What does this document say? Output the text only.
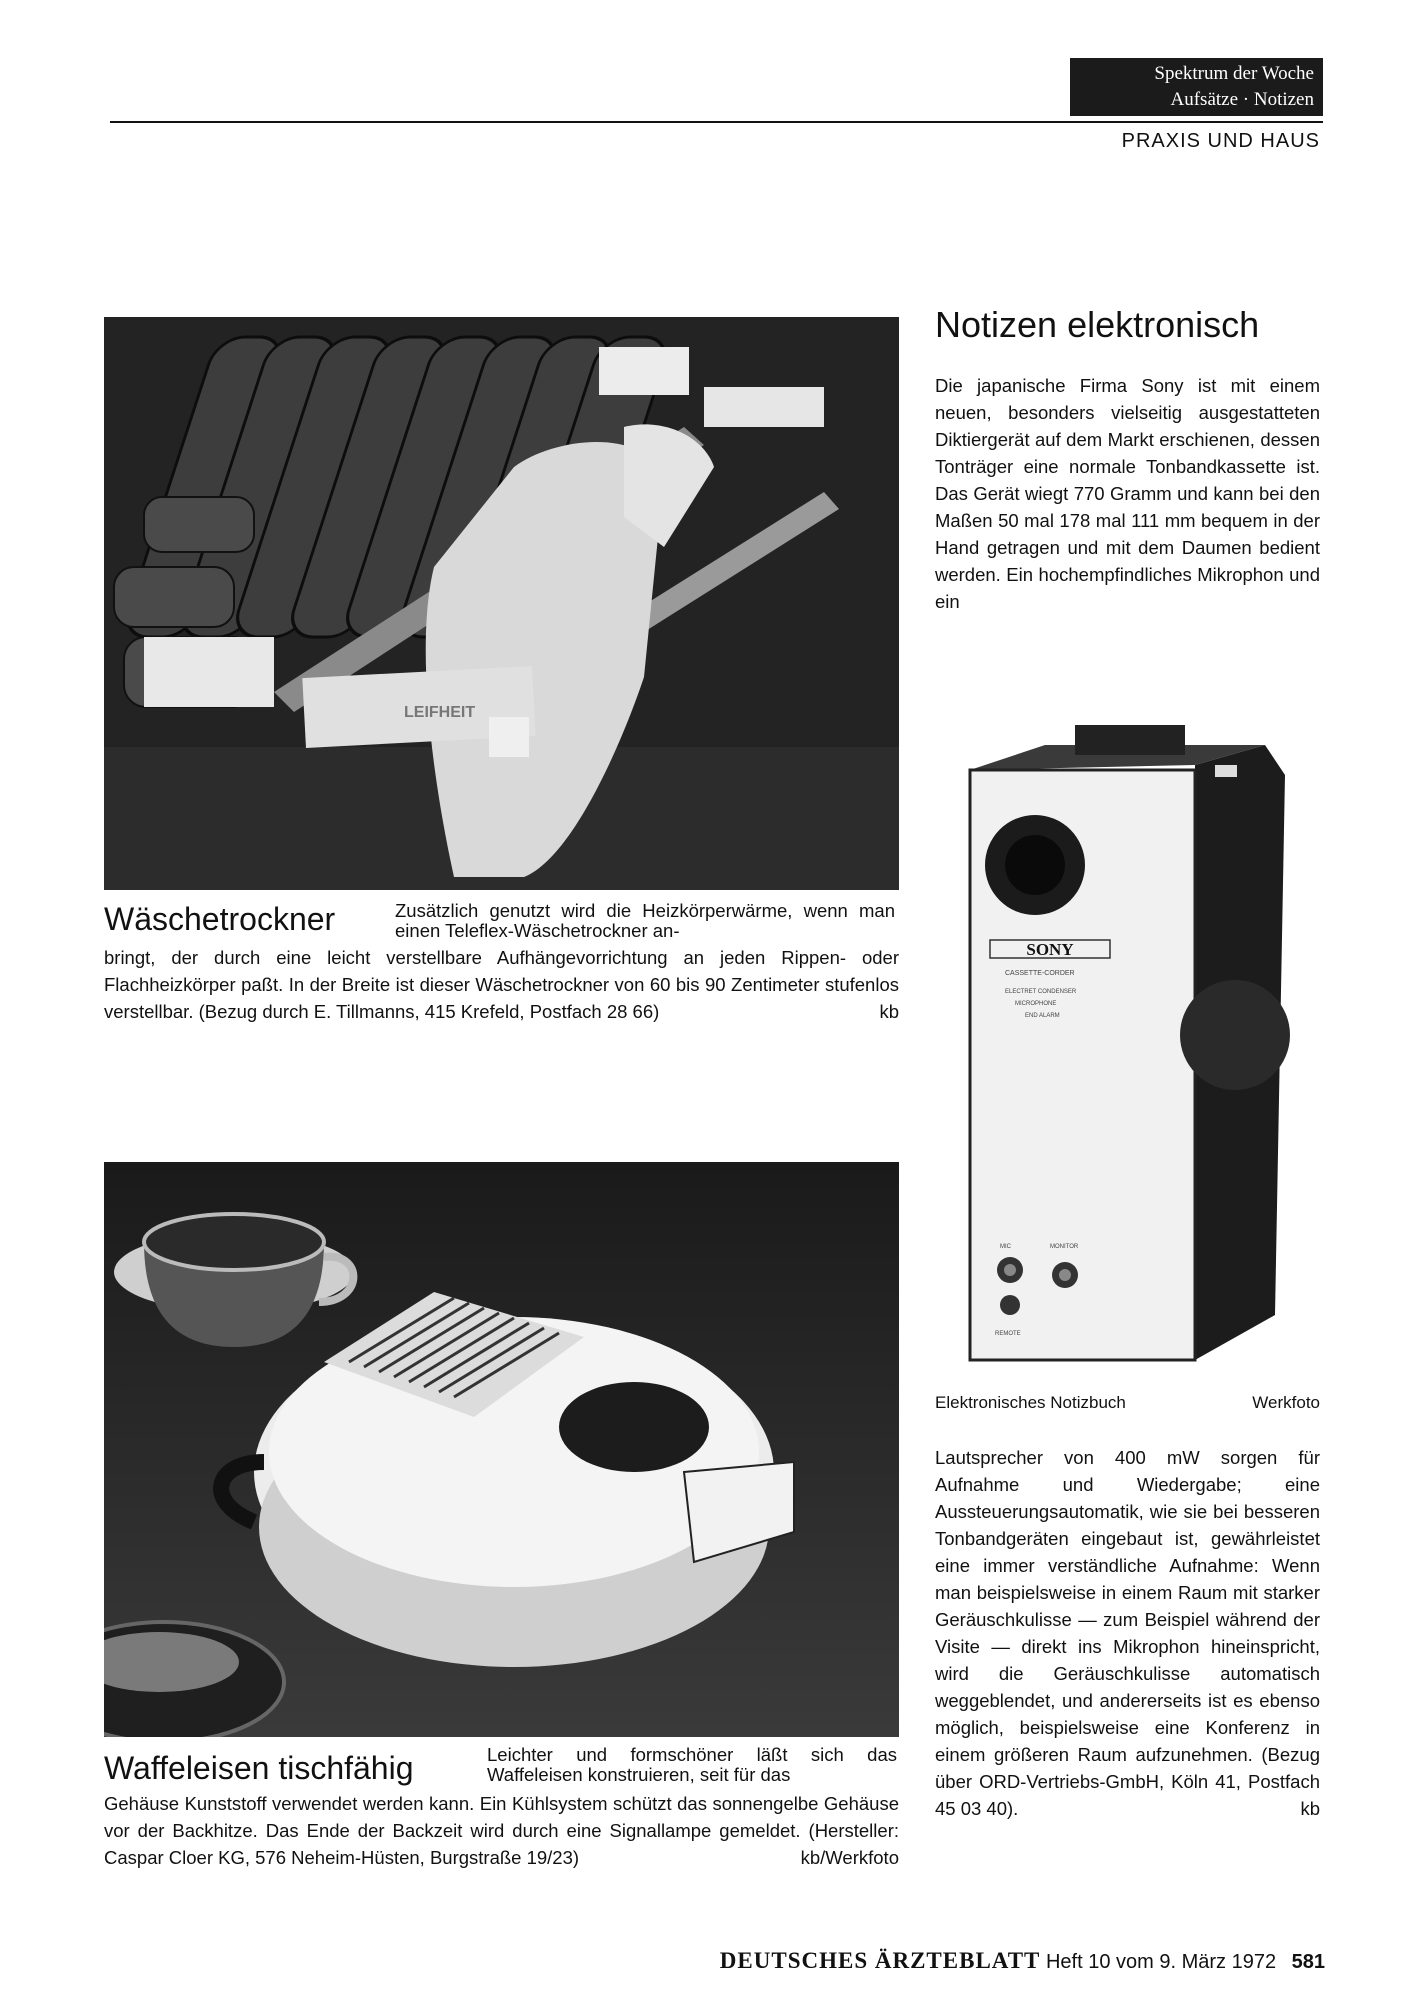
Spektrum der Woche
Aufsätze · Notizen
PRAXIS UND HAUS
LEIFHEIT
Notizen elektronisch
Die japanische Firma Sony ist mit einem neuen, besonders vielseitig ausgestatteten Diktiergerät auf dem Markt erschienen, dessen Tonträger eine normale Tonbandkassette ist. Das Gerät wiegt 770 Gramm und kann bei den Maßen 50 mal 178 mal 111 mm bequem in der Hand getragen und mit dem Daumen bedient werden. Ein hochempfindliches Mikrophon und ein
SONY
CASSETTE-CORDER
ELECTRET CONDENSER
MICROPHONE
END ALARM
MIC	MONITOR
REMOTE
Elektronisches Notizbuch	Werkfoto
Lautsprecher von 400 mW sorgen für Aufnahme und Wiedergabe; eine Aussteuerungsautomatik, wie sie bei besseren Tonbandgeräten eingebaut ist, gewährleistet eine immer verständliche Aufnahme: Wenn man beispielsweise in einem Raum mit starker Geräuschkulisse — zum Beispiel während der Visite — direkt ins Mikrophon hineinspricht, wird die Geräuschkulisse automatisch weggeblendet, und andererseits ist es ebenso möglich, beispielsweise eine Konferenz in einem größeren Raum aufzunehmen. (Bezug über ORD-Vertriebs-GmbH, Köln 41, Postfach 45 03 40).	kb
Wäschetrockner	Zusätzlich genutzt wird die Heizkörperwärme, wenn man einen Teleflex-Wäschetrockner an-
bringt, der durch eine leicht verstellbare Aufhängevorrichtung an jeden Rippen- oder Flachheizkörper paßt. In der Breite ist dieser Wäschetrockner von 60 bis 90 Zentimeter stufenlos verstellbar. (Bezug durch E. Tillmanns, 415 Krefeld, Postfach 28 66)	kb
Waffeleisen tischfähig	Leichter und formschöner läßt sich das Waffeleisen konstruieren, seit für das
Gehäuse Kunststoff verwendet werden kann. Ein Kühlsystem schützt das sonnengelbe Gehäuse vor der Backhitze. Das Ende der Backzeit wird durch eine Signallampe gemeldet. (Hersteller: Caspar Cloer KG, 576 Neheim-Hüsten, Burgstraße 19/23)	kb/Werkfoto
DEUTSCHES ÄRZTEBLATT Heft 10 vom 9. März 1972 581
